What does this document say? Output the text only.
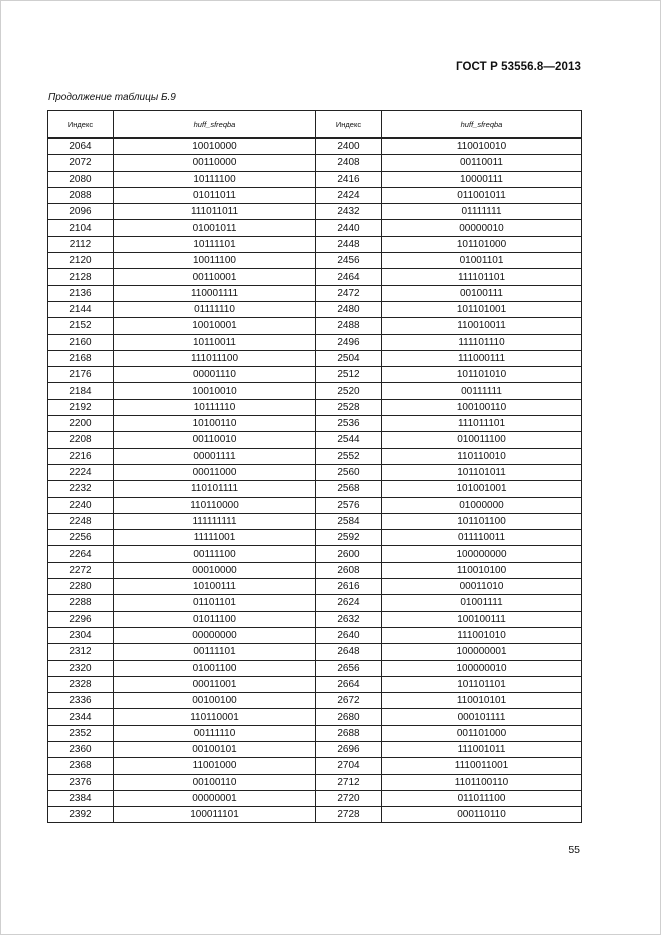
ГОСТ Р 53556.8—2013
Продолжение таблицы Б.9
Индекс	huff_sfreqba	Индекс	huff_sfreqba
2064	10010000	2400	110010010
2072	00110000	2408	00110011
2080	10111100	2416	10000111
2088	01011011	2424	011001011
2096	111011011	2432	01111111
2104	01001011	2440	00000010
2112	10111101	2448	101101000
2120	10011100	2456	01001101
2128	00110001	2464	111101101
2136	110001111	2472	00100111
2144	01111110	2480	101101001
2152	10010001	2488	110010011
2160	10110011	2496	111101110
2168	111011100	2504	111000111
2176	00001110	2512	101101010
2184	10010010	2520	00111111
2192	10111110	2528	100100110
2200	10100110	2536	111011101
2208	00110010	2544	010011100
2216	00001111	2552	110110010
2224	00011000	2560	101101011
2232	110101111	2568	101001001
2240	110110000	2576	01000000
2248	111111111	2584	101101100
2256	11111001	2592	011110011
2264	00111100	2600	100000000
2272	00010000	2608	110010100
2280	10100111	2616	00011010
2288	01101101	2624	01001111
2296	01011100	2632	100100111
2304	00000000	2640	111001010
2312	00111101	2648	100000001
2320	01001100	2656	100000010
2328	00011001	2664	101101101
2336	00100100	2672	110010101
2344	110110001	2680	000101111
2352	00111110	2688	001101000
2360	00100101	2696	111001011
2368	11001000	2704	1110011001
2376	00100110	2712	1101100110
2384	00000001	2720	011011100
2392	100011101	2728	000110110
55
